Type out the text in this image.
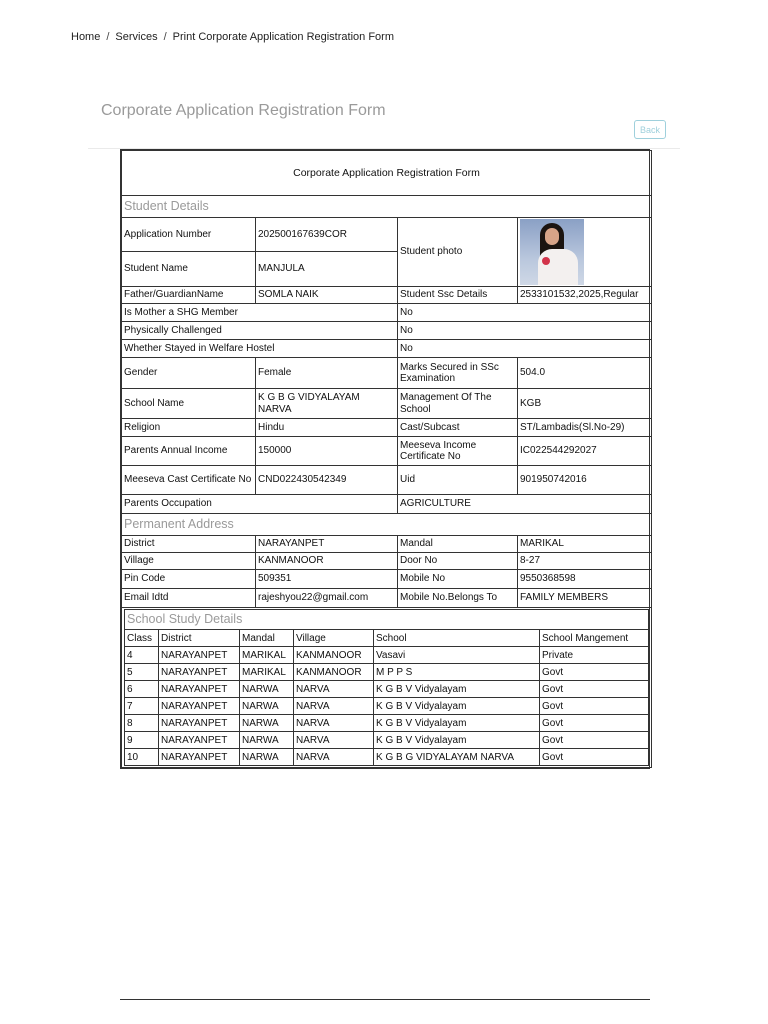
Home / Services / Print Corporate Application Registration Form
Corporate Application Registration Form
Back
Corporate Application Registration Form
Student Details
Application Number	202500167639COR	Student photo	

Student Name	MANJULA
Father/GuardianName	SOMLA NAIK	Student Ssc Details	2533101532,2025,Regular
Is Mother a SHG Member	No
Physically Challenged	No
Whether Stayed in Welfare Hostel	No
Gender	Female	Marks Secured in SSc Examination	504.0
School Name	K G B G VIDYALAYAM NARVA	Management Of The School	KGB
Religion	Hindu	Cast/Subcast	ST/Lambadis(Sl.No-29)
Parents Annual Income	150000	Meeseva Income Certificate No	IC022544292027
Meeseva Cast Certificate No	CND022430542349	Uid	901950742016
Parents Occupation	AGRICULTURE
Permanent Address
District	NARAYANPET	Mandal	MARIKAL
Village	KANMANOOR	Door No	8-27
Pin Code	509351	Mobile No	9550368598
Email Idtd	rajeshyou22@gmail.com	Mobile No.Belongs To	FAMILY MEMBERS

School Study Details
Class	District	Mandal	Village	School	School Mangement
4	NARAYANPET	MARIKAL	KANMANOOR	Vasavi	Private
5	NARAYANPET	MARIKAL	KANMANOOR	M P P S	Govt
6	NARAYANPET	NARWA	NARVA	K G B V Vidyalayam	Govt
7	NARAYANPET	NARWA	NARVA	K G B V Vidyalayam	Govt
8	NARAYANPET	NARWA	NARVA	K G B V Vidyalayam	Govt
9	NARAYANPET	NARWA	NARVA	K G B V Vidyalayam	Govt
10	NARAYANPET	NARWA	NARVA	K G B G VIDYALAYAM NARVA	Govt
